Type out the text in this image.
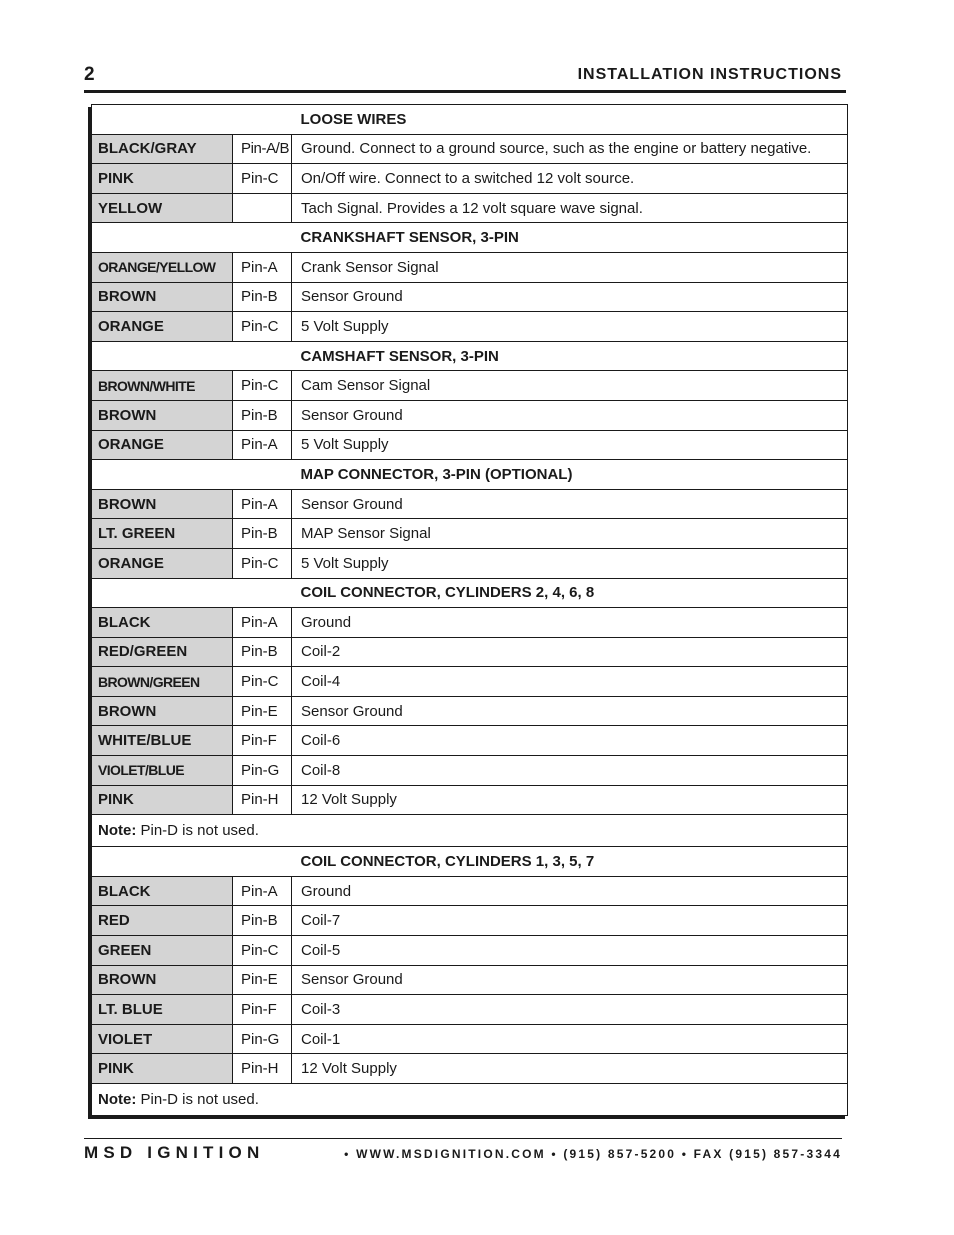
2	INSTALLATION INSTRUCTIONS
		LOOSE WIRES
BLACK/GRAY	Pin-A/B	Ground. Connect to a ground source, such as the engine or battery negative.
PINK	Pin-C	On/Off wire. Connect to a switched 12 volt source.
YELLOW		Tach Signal. Provides a 12 volt square wave signal.
		CRANKSHAFT SENSOR, 3-PIN
ORANGE/YELLOW	Pin-A	Crank Sensor Signal
BROWN	Pin-B	Sensor Ground
ORANGE	Pin-C	5 Volt Supply
		CAMSHAFT SENSOR, 3-PIN
BROWN/WHITE	Pin-C	Cam Sensor Signal
BROWN	Pin-B	Sensor Ground
ORANGE	Pin-A	5 Volt Supply
		MAP CONNECTOR, 3-PIN (OPTIONAL)
BROWN	Pin-A	Sensor Ground
LT. GREEN	Pin-B	MAP Sensor Signal
ORANGE	Pin-C	5 Volt Supply
		COIL CONNECTOR, CYLINDERS 2, 4, 6, 8
BLACK	Pin-A	Ground
RED/GREEN	Pin-B	Coil-2
BROWN/GREEN	Pin-C	Coil-4
BROWN	Pin-E	Sensor Ground
WHITE/BLUE	Pin-F	Coil-6
VIOLET/BLUE	Pin-G	Coil-8
PINK	Pin-H	12 Volt Supply
Note: Pin-D is not used.		
		COIL CONNECTOR, CYLINDERS 1, 3, 5, 7
BLACK	Pin-A	Ground
RED	Pin-B	Coil-7
GREEN	Pin-C	Coil-5
BROWN	Pin-E	Sensor Ground
LT. BLUE	Pin-F	Coil-3
VIOLET	Pin-G	Coil-1
PINK	Pin-H	12 Volt Supply
Note: Pin-D is not used.		
MSD IGNITION	• WWW.MSDIGNITION.COM • (915) 857-5200 • FAX (915) 857-3344
